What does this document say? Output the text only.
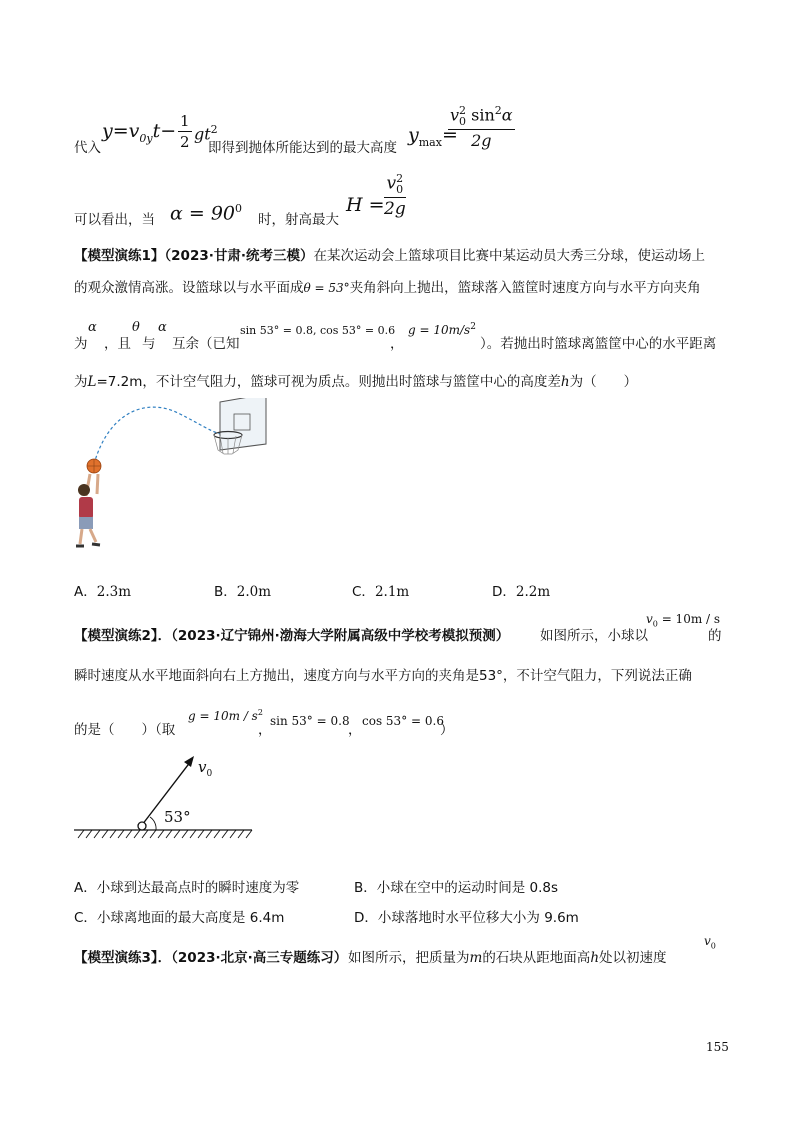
代入
$y=v_{0y}t- \frac{1}{2} gt^2$
即得到抛体所能达到的最大高度
$y_{max}=$
$\frac{v^2_0 \sin^2\alpha}{2g}$
可以看出，当 $\alpha = 90^0$
时，射高最大
$H = \frac{v^2_0}{2g}$
【模型演练1】（2023·甘肃·统考三模）在某次运动会上篮球项目比赛中某运动员大秀三分球，使运动场上
的观众激情高涨。设篮球以与水平面成θ = 53°夹角斜向上抛出，篮球落入篮筐时速度方向与水平方向夹角
为
α
，且
θ
与
α
互余（已知
sin 53° = 0.8, cos 53° = 0.6
，
$g = 10m/s^2$
）。若抛出时篮球离篮筐中心的水平距离
为L=7.2m，不计空气阻力，篮球可视为质点。则抛出时篮球与篮筐中心的高度差h为（　　）
A．2.3m	B．2.0m	C．2.1m	D．2.2m
【模型演练2】．（2023·辽宁锦州·渤海大学附属高级中学校考模拟预测） 如图所示，小球以
$v_0 = 10m / s$
的
瞬时速度从水平地面斜向右上方抛出，速度方向与水平方向的夹角是53°，不计空气阻力，下列说法正确
的是（　　）（取
$g = 10m / s^2$
，
sin 53° = 0.8
，
cos 53° = 0.6
）
$v_0$
53°
A．小球到达最高点时的瞬时速度为零	B．小球在空中的运动时间是 0.8s
C．小球离地面的最大高度是 6.4m	D．小球落地时水平位移大小为 9.6m
【模型演练3】．（2023·北京·高三专题练习） 如图所示，把质量为m的石块从距地面高h处以初速度
$v_0$
155
